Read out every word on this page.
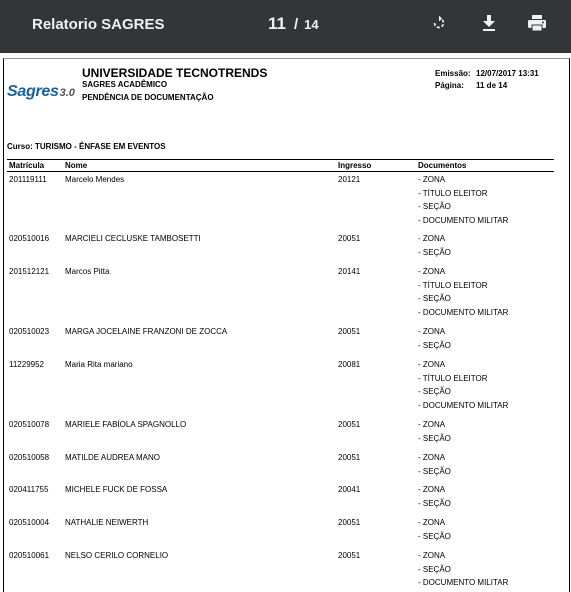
Relatorio SAGRES	11 / 14
Sagres3.0
UNIVERSIDADE TECNOTRENDS
SAGRES ACADÊMICO
PENDÊNCIA DE DOCUMENTAÇÃO
Emissão: 12/07/2017 13:31
Página: 11 de 14
Curso: TURISMO - ÊNFASE EM EVENTOS
Matrícula	Nome	Ingresso	Documentos
201119111 Marcelo Mendes	20121	- ZONA
- TÍTULO ELEITOR
- SEÇÃO
- DOCUMENTO MILITAR
020510016 MARCIELI CECLUSKE TAMBOSETTI	20051	- ZONA
- SEÇÃO
201512121 Marcos Pitta	20141	- ZONA
- TÍTULO ELEITOR
- SEÇÃO
- DOCUMENTO MILITAR
020510023 MARGA JOCELAINE FRANZONI DE ZOCCA	20051	- ZONA
- SEÇÃO
11229952	Maria Rita mariano	20081	- ZONA
- TÍTULO ELEITOR
- SEÇÃO
- DOCUMENTO MILITAR
020510078 MARIELE FABÍOLA SPAGNOLLO	20051	- ZONA
- SEÇÃO
020510058 MATILDE AUDREA MANO	20051	- ZONA
- SEÇÃO
020411755 MICHELE FUCK DE FOSSA	20041	- ZONA
- SEÇÃO
020510004 NATHALIE NEIWERTH	20051	- ZONA
- SEÇÃO
020510061 NELSO CERILO CORNELIO	20051	- ZONA
- SEÇÃO
- DOCUMENTO MILITAR
